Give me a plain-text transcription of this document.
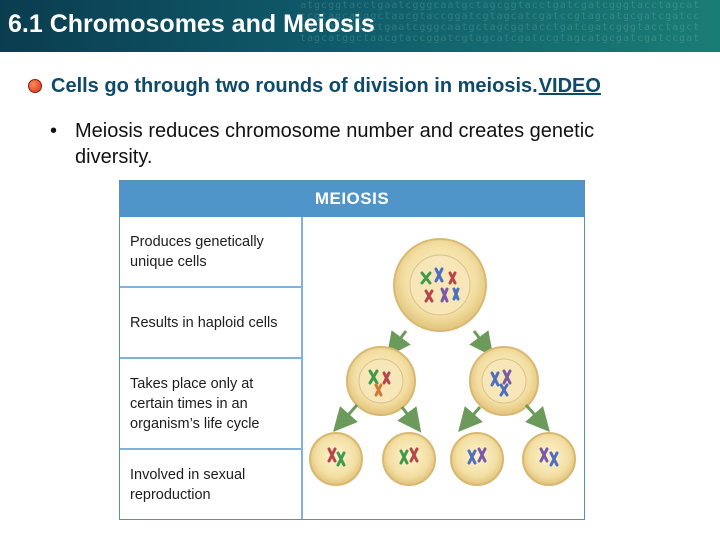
atgcggtacctgaatcgggcaatgctagcggtacctgatcgatcgggtacctagcat
ccgtagcatggctaacgtaccggatcgtagcatcgatccgtagcatgcgatcgatcc
gatcgggtacctgaatcgggcaatgctagcggtacctgatcgatcgggtacctagct
tagcatggctaacgtaccggatcgtagcatcgatccgtagcatgcgatcgatccgat
6.1 Chromosomes and Meiosis
Cells go through two rounds of division in meiosis. VIDEO
• Meiosis reduces chromosome number and creates genetic diversity.
MEIOSIS
Produces genetically unique cells
Results in haploid cells
Takes place only at certain times in an organism’s life cycle
Involved in sexual reproduction
